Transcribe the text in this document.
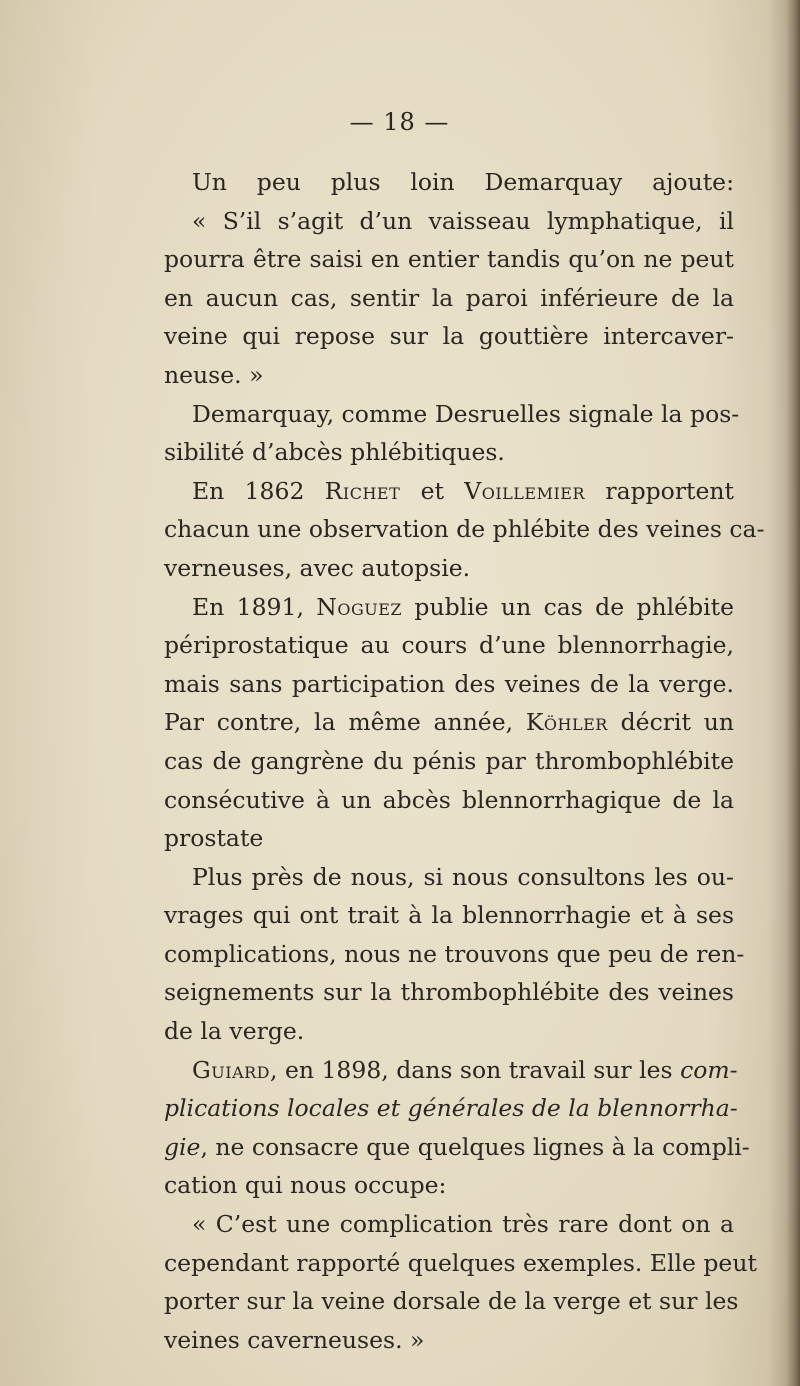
— 18 —
Un peu plus loin Demarquay ajoute:
« S’il s’agit d’un vaisseau lymphatique, il
pourra être saisi en entier tandis qu’on ne peut
en aucun cas, sentir la paroi inférieure de la
veine qui repose sur la gouttière intercaver-
neuse. »
Demarquay, comme Desruelles signale la pos-
sibilité d’abcès phlébitiques.
En 1862 Richet et Voillemier rapportent
chacun une observation de phlébite des veines ca-
verneuses, avec autopsie.
En 1891, Noguez publie un cas de phlébite
périprostatique au cours d’une blennorrhagie,
mais sans participation des veines de la verge.
Par contre, la même année, Köhler décrit un
cas de gangrène du pénis par thrombophlébite
consécutive à un abcès blennorrhagique de la
prostate
Plus près de nous, si nous consultons les ou-
vrages qui ont trait à la blennorrhagie et à ses
complications, nous ne trouvons que peu de ren-
seignements sur la thrombophlébite des veines
de la verge.
Guiard, en 1898, dans son travail sur les com-
plications locales et générales de la blennorrha-
gie, ne consacre que quelques lignes à la compli-
cation qui nous occupe:
« C’est une complication très rare dont on a
cependant rapporté quelques exemples. Elle peut
porter sur la veine dorsale de la verge et sur les
veines caverneuses. »
